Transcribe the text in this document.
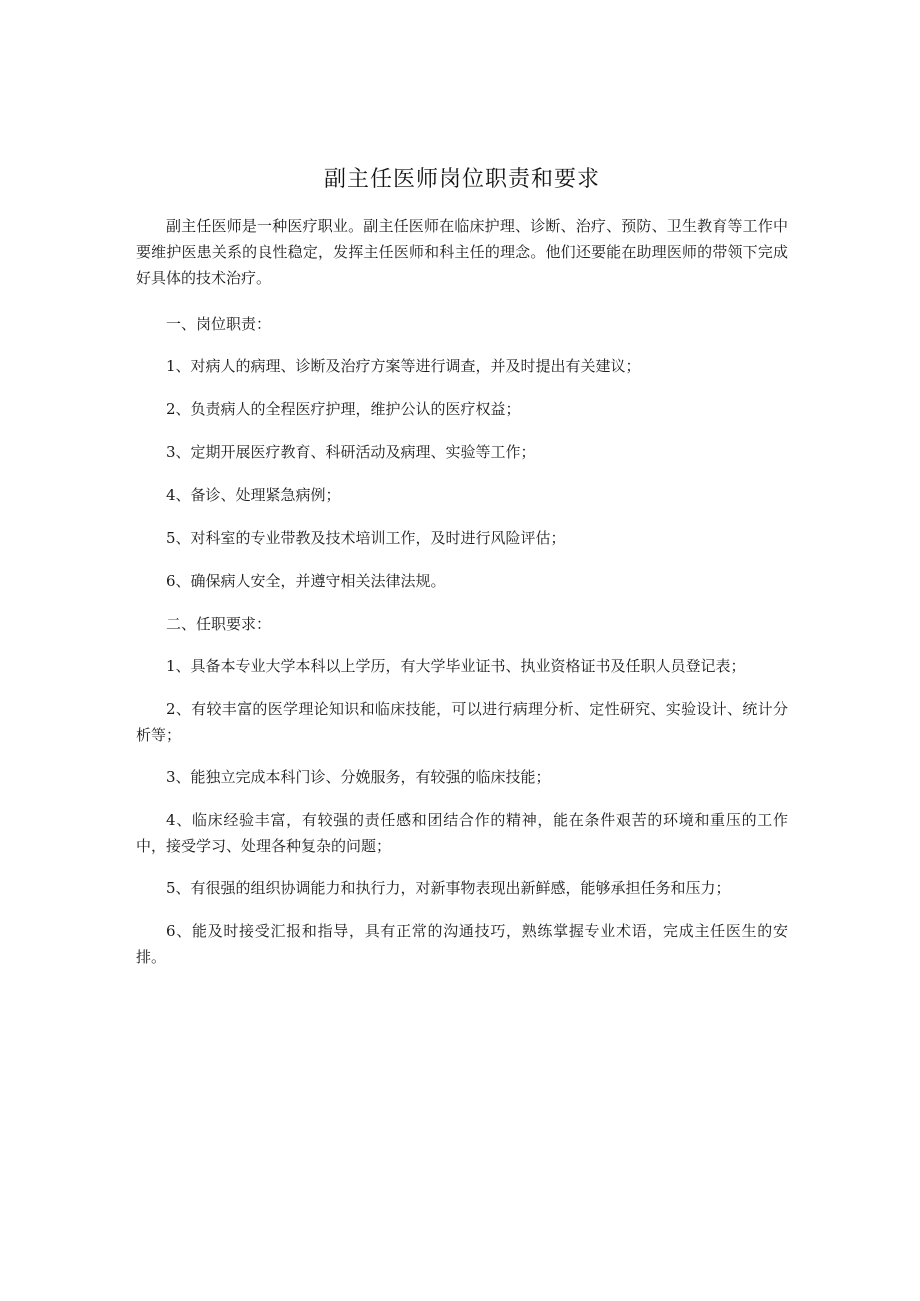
副主任医师岗位职责和要求

副主任医师是一种医疗职业。副主任医师在临床护理、诊断、治疗、预防、卫生教育等工作中要维护医患关系的良性稳定，发挥主任医师和科主任的理念。他们还要能在助理医师的带领下完成好具体的技术治疗。

一、岗位职责：

1、对病人的病理、诊断及治疗方案等进行调查，并及时提出有关建议；

2、负责病人的全程医疗护理，维护公认的医疗权益；

3、定期开展医疗教育、科研活动及病理、实验等工作；

4、备诊、处理紧急病例；

5、对科室的专业带教及技术培训工作，及时进行风险评估；

6、确保病人安全，并遵守相关法律法规。

二、任职要求：

1、具备本专业大学本科以上学历，有大学毕业证书、执业资格证书及任职人员登记表；

2、有较丰富的医学理论知识和临床技能，可以进行病理分析、定性研究、实验设计、统计分析等；

3、能独立完成本科门诊、分娩服务，有较强的临床技能；

4、临床经验丰富，有较强的责任感和团结合作的精神，能在条件艰苦的环境和重压的工作中，接受学习、处理各种复杂的问题；

5、有很强的组织协调能力和执行力，对新事物表现出新鲜感，能够承担任务和压力；

6、能及时接受汇报和指导，具有正常的沟通技巧，熟练掌握专业术语，完成主任医生的安排。
